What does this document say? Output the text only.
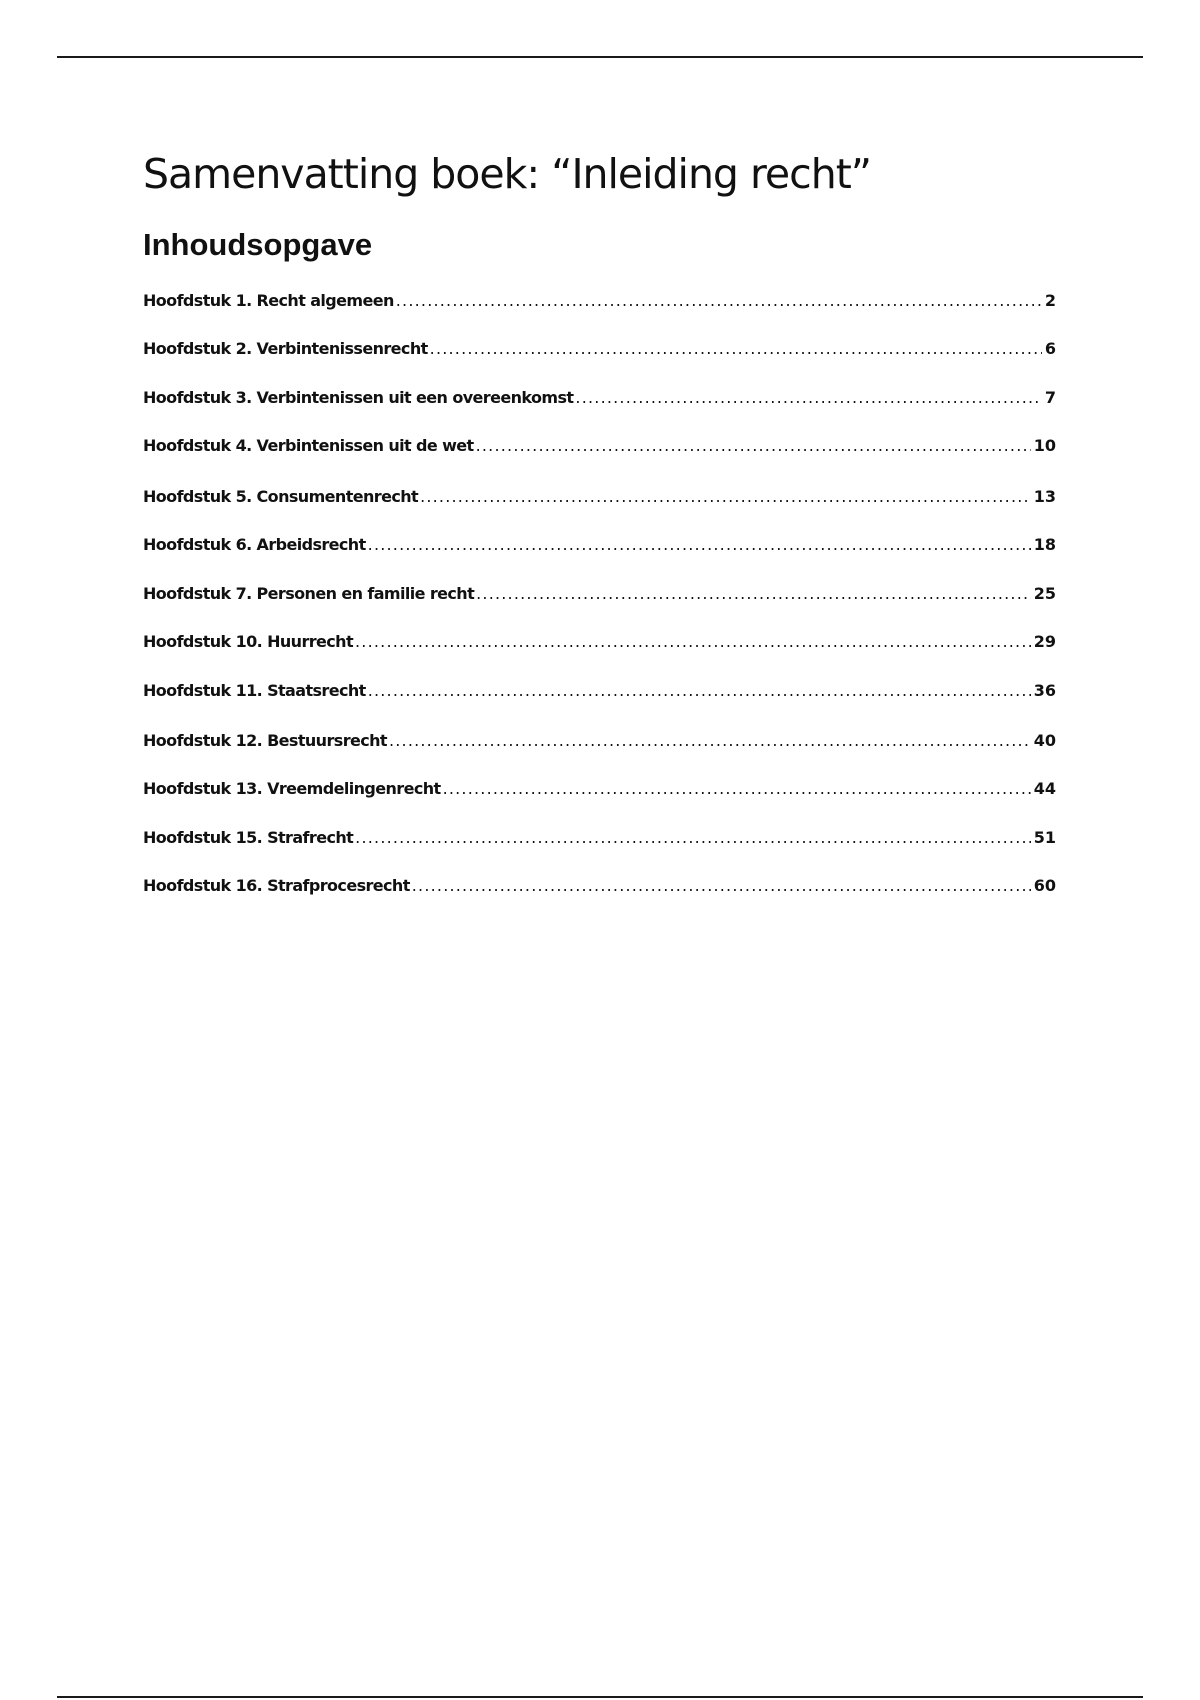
Samenvatting boek: “Inleiding recht”
Inhoudsopgave
Hoofdstuk 1. Recht algemeen .....	2
Hoofdstuk 2. Verbintenissenrecht .....	6
Hoofdstuk 3. Verbintenissen uit een overeenkomst .....	7
Hoofdstuk 4. Verbintenissen uit de wet .....	10
Hoofdstuk 5. Consumentenrecht .....	13
Hoofdstuk 6. Arbeidsrecht .....	18
Hoofdstuk 7. Personen en familie recht .....	25
Hoofdstuk 10. Huurrecht .....	29
Hoofdstuk 11. Staatsrecht .....	36
Hoofdstuk 12. Bestuursrecht .....	40
Hoofdstuk 13. Vreemdelingenrecht .....	44
Hoofdstuk 15. Strafrecht .....	51
Hoofdstuk 16. Strafprocesrecht .....	60
